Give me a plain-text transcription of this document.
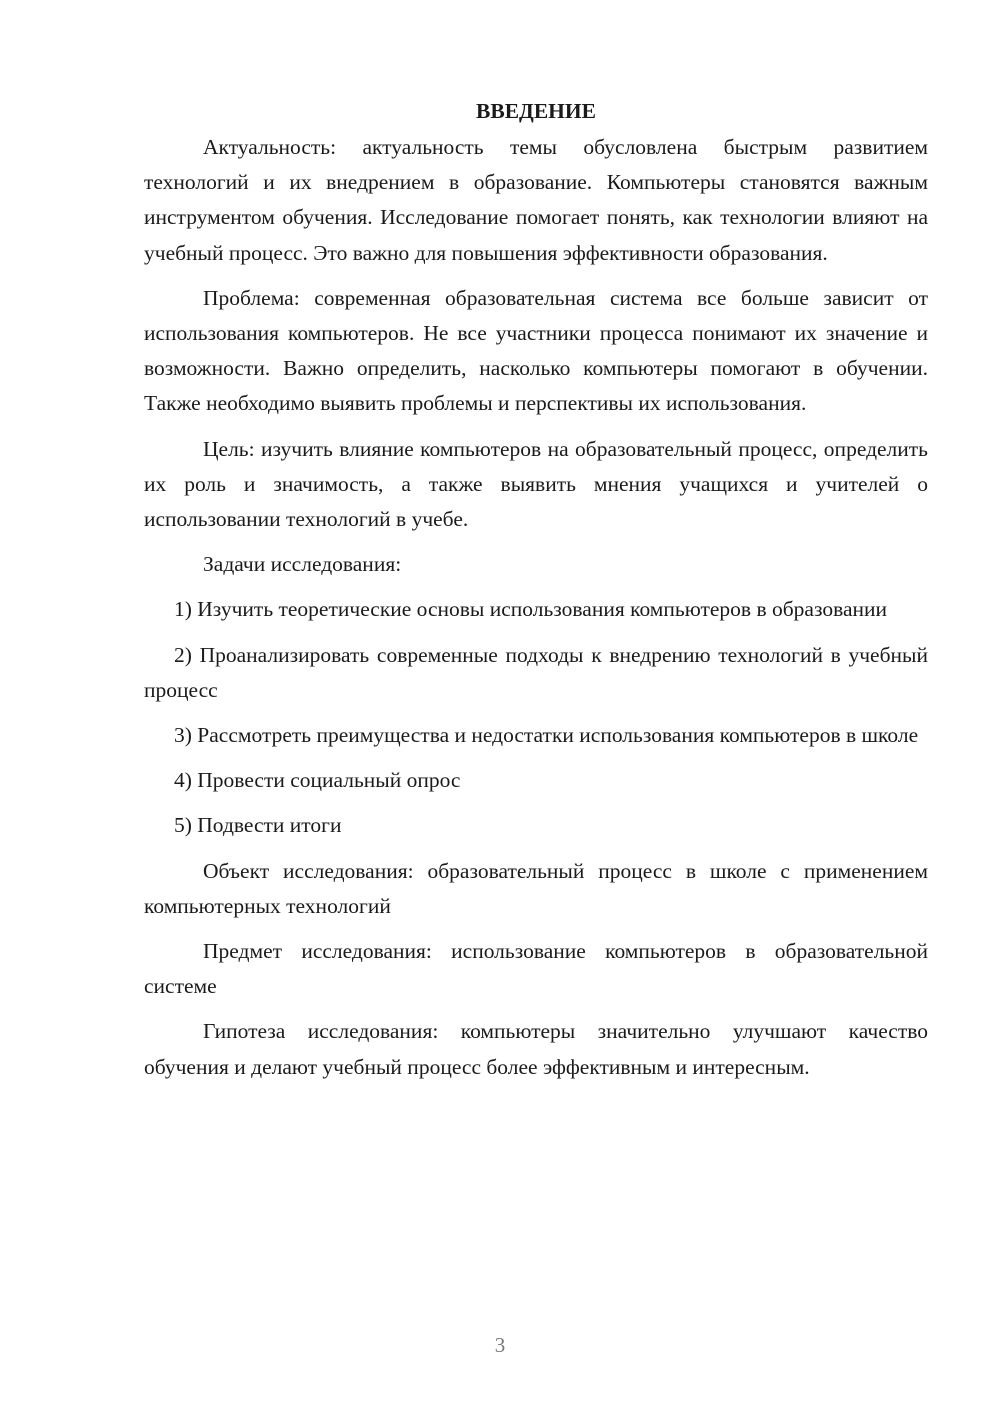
ВВЕДЕНИЕ

Актуальность: актуальность темы обусловлена быстрым развитием технологий и их внедрением в образование. Компьютеры становятся важным инструментом обучения. Исследование помогает понять, как технологии влияют на учебный процесс. Это важно для повышения эффективности образования.

Проблема: современная образовательная система все больше зависит от использования компьютеров. Не все участники процесса понимают их значение и возможности. Важно определить, насколько компьютеры помогают в обучении. Также необходимо выявить проблемы и перспективы их использования.

Цель: изучить влияние компьютеров на образовательный процесс, определить их роль и значимость, а также выявить мнения учащихся и учителей о использовании технологий в учебе.

Задачи исследования:

1) Изучить теоретические основы использования компьютеров в образовании

2) Проанализировать современные подходы к внедрению технологий в учебный процесс

3) Рассмотреть преимущества и недостатки использования компьютеров в школе

4) Провести социальный опрос

5) Подвести итоги

Объект исследования: образовательный процесс в школе с применением компьютерных технологий

Предмет исследования: использование компьютеров в образовательной системе

Гипотеза исследования: компьютеры значительно улучшают качество обучения и делают учебный процесс более эффективным и интересным.

3
